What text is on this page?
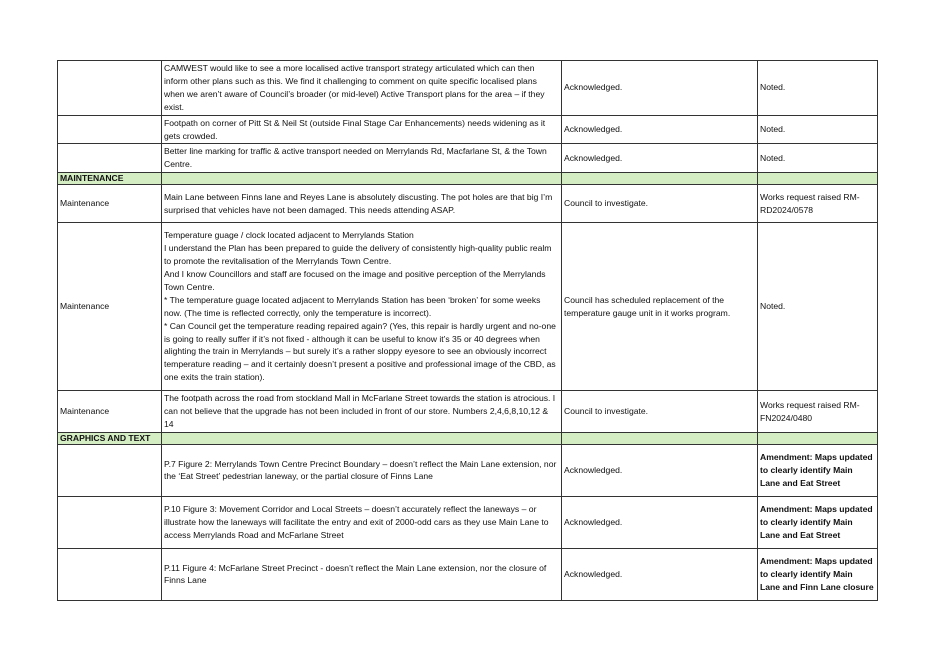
	CAMWEST would like to see a more localised active transport strategy articulated which can then inform other plans such as this. We find it challenging to comment on quite specific localised plans when we aren’t aware of Council’s broader (or mid-level) Active Transport plans for the area – if they exist.	Acknowledged.	Noted.
	Footpath on corner of Pitt St & Neil St (outside Final Stage Car Enhancements) needs widening as it gets crowded.	Acknowledged.	Noted.
	Better line marking for traffic & active transport needed on Merrylands Rd, Macfarlane St, & the Town Centre.	Acknowledged.	Noted.
MAINTENANCE			
Maintenance	Main Lane between Finns lane and Reyes Lane is absolutely discusting. The pot holes are that big I’m surprised that vehicles have not been damaged. This needs attending ASAP.	Council to investigate.	Works request raised RM-RD2024/0578
Maintenance	Temperature guage / clock located adjacent to Merrylands Station
I understand the Plan has been prepared to guide the delivery of consistently high-quality public realm to promote the revitalisation of the Merrylands Town Centre.
And I know Councillors and staff are focused on the image and positive perception of the Merrylands Town Centre.
* The temperature guage located adjacent to Merrylands Station has been ‘broken’ for some weeks now. (The time is reflected correctly, only the temperature is incorrect).
* Can Council get the temperature reading repaired again? (Yes, this repair is hardly urgent and no-one is going to really suffer if it’s not fixed - although it can be useful to know it’s 35 or 40 degrees when alighting the train in Merrylands – but surely it’s a rather sloppy eyesore to see an obviously incorrect temperature reading – and it certainly doesn’t present a positive and professional image of the CBD, as one exits the train station).	Council has scheduled replacement of the temperature gauge unit in it works program.	Noted.
Maintenance	The footpath across the road from stockland Mall in McFarlane Street towards the station is atrocious. I can not believe that the upgrade has not been included in front of our store. Numbers 2,4,6,8,10,12 & 14	Council to investigate.	Works request raised RM-FN2024/0480
GRAPHICS AND TEXT			
	P.7 Figure 2: Merrylands Town Centre Precinct Boundary – doesn’t reflect the Main Lane extension, nor the ‘Eat Street’ pedestrian laneway, or the partial closure of Finns Lane	Acknowledged.	Amendment: Maps updated to clearly identify Main Lane and Eat Street
	P.10 Figure 3: Movement Corridor and Local Streets – doesn’t accurately reflect the laneways – or illustrate how the laneways will facilitate the entry and exit of 2000-odd cars as they use Main Lane to access Merrylands Road and McFarlane Street	Acknowledged.	Amendment: Maps updated to clearly identify Main Lane and Eat Street
	P.11 Figure 4: McFarlane Street Precinct - doesn’t reflect the Main Lane extension, nor the closure of Finns Lane	Acknowledged.	Amendment: Maps updated to clearly identify Main Lane and Finn Lane closure
